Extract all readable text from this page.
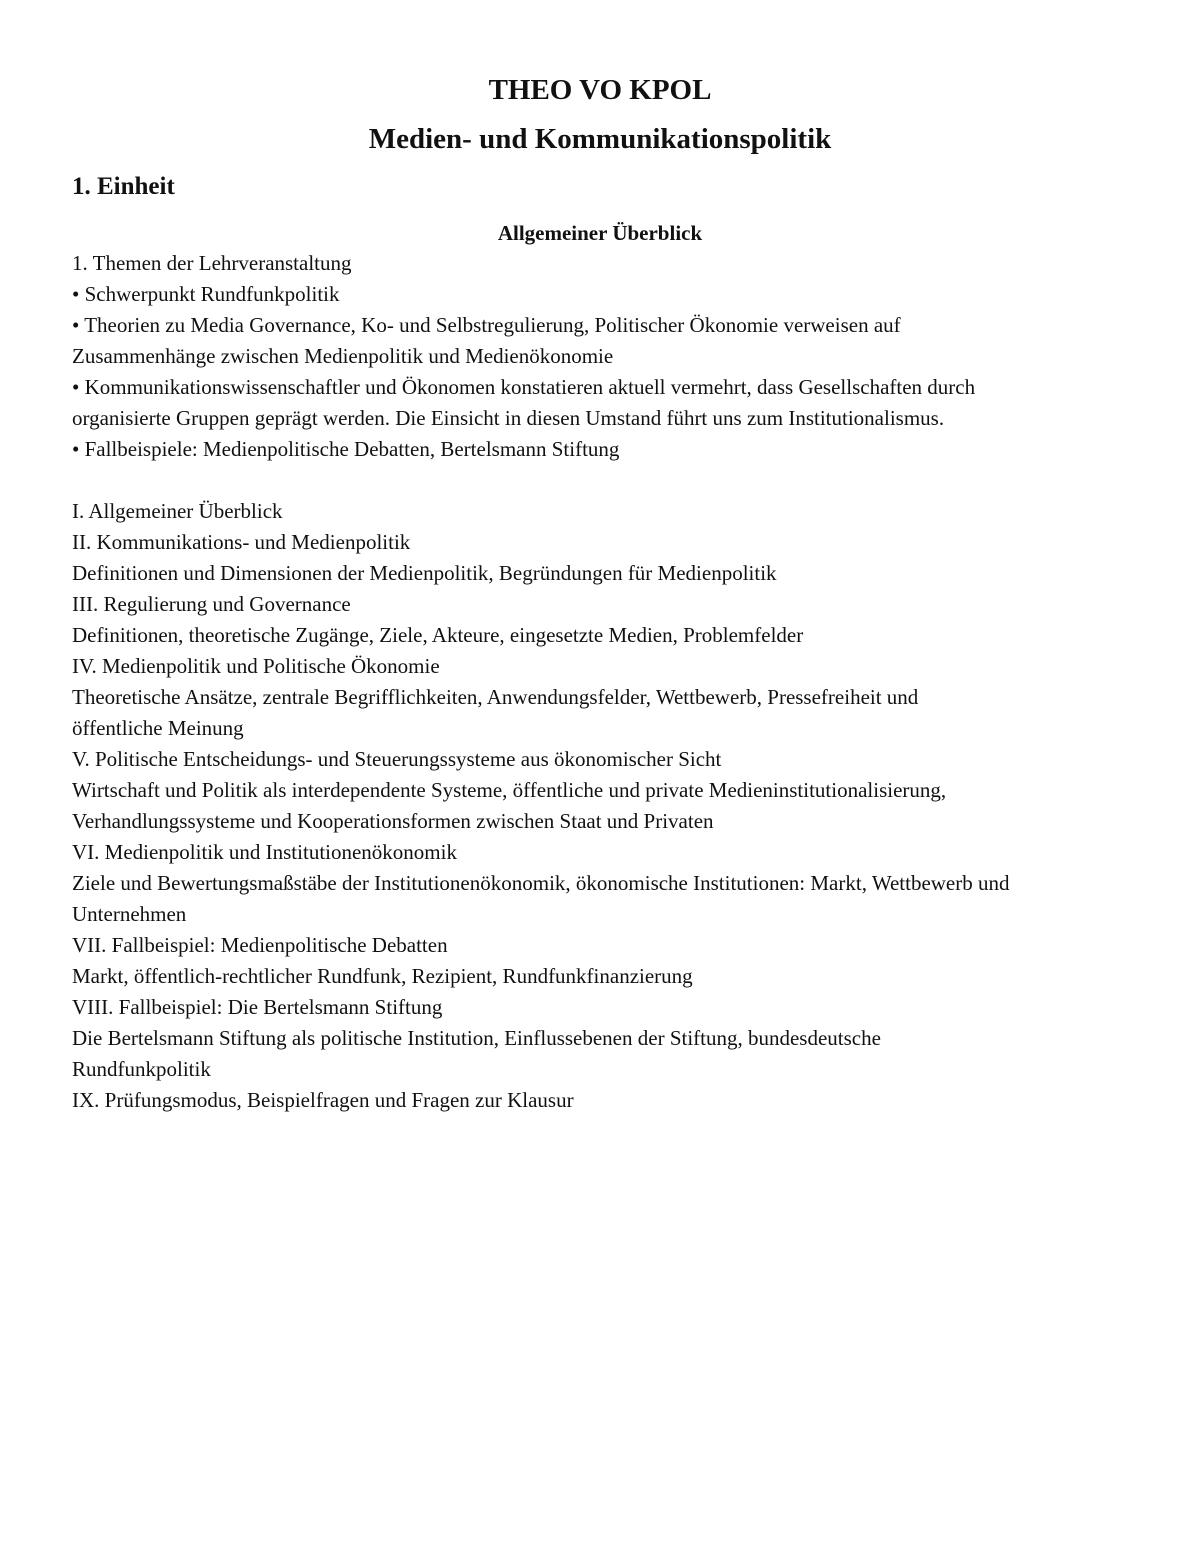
THEO VO KPOL
Medien- und Kommunikationspolitik
1. Einheit
Allgemeiner Überblick
1. Themen der Lehrveranstaltung
• Schwerpunkt Rundfunkpolitik
• Theorien zu Media Governance, Ko- und Selbstregulierung, Politischer Ökonomie verweisen auf
Zusammenhänge zwischen Medienpolitik und Medienökonomie
• Kommunikationswissenschaftler und Ökonomen konstatieren aktuell vermehrt, dass Gesellschaften durch
organisierte Gruppen geprägt werden. Die Einsicht in diesen Umstand führt uns zum Institutionalismus.
• Fallbeispiele: Medienpolitische Debatten, Bertelsmann Stiftung
I. Allgemeiner Überblick
II. Kommunikations- und Medienpolitik
Definitionen und Dimensionen der Medienpolitik, Begründungen für Medienpolitik
III. Regulierung und Governance
Definitionen, theoretische Zugänge, Ziele, Akteure, eingesetzte Medien, Problemfelder
IV. Medienpolitik und Politische Ökonomie
Theoretische Ansätze, zentrale Begrifflichkeiten, Anwendungsfelder, Wettbewerb, Pressefreiheit und
öffentliche Meinung
V. Politische Entscheidungs- und Steuerungssysteme aus ökonomischer Sicht
Wirtschaft und Politik als interdependente Systeme, öffentliche und private Medieninstitutionalisierung,
Verhandlungssysteme und Kooperationsformen zwischen Staat und Privaten
VI. Medienpolitik und Institutionenökonomik
Ziele und Bewertungsmaßstäbe der Institutionenökonomik, ökonomische Institutionen: Markt, Wettbewerb und
Unternehmen
VII. Fallbeispiel: Medienpolitische Debatten
Markt, öffentlich-rechtlicher Rundfunk, Rezipient, Rundfunkfinanzierung
VIII. Fallbeispiel: Die Bertelsmann Stiftung
Die Bertelsmann Stiftung als politische Institution, Einflussebenen der Stiftung, bundesdeutsche
Rundfunkpolitik
IX. Prüfungsmodus, Beispielfragen und Fragen zur Klausur
